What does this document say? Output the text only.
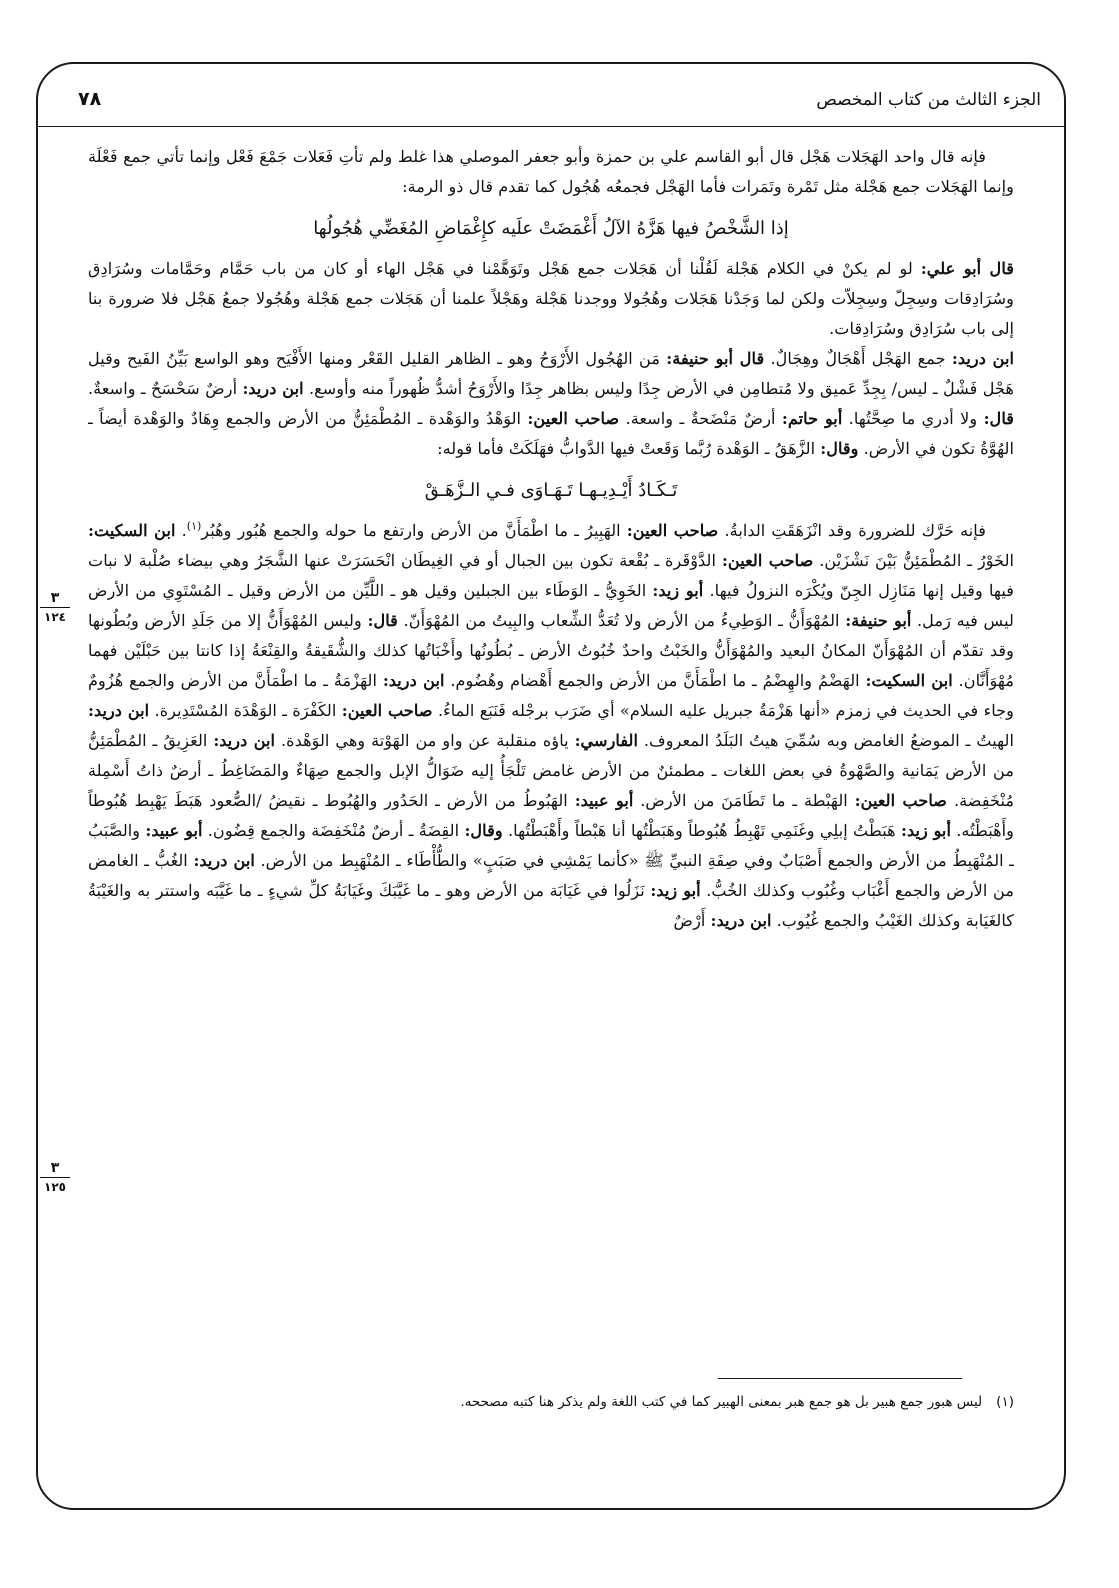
الجزء الثالث من كتاب المخصص
٧٨
٣
١٢٤
٣
١٢٥

فإنه قال واحد الهَجَلات هَجْل قال أبو القاسم علي بن حمزة وأبو جعفر الموصلي هذا غلط ولم تأتِ فَعَلات جَمْعَ فَعْل وإنما تأتي جمع فَعْلَة وإنما الهَجَلات جمع هَجْلة مثل تَمْرة وتَمَرات فأما الهَجْل فجمعُه هُجُول كما تقدم قال ذو الرمة:

إذا الشَّخْصُ فيها هَزَّهُ الآلُ أَغْمَضَتْ علَيه كإِغْمَاضِ المُغَضِّي هُجُولُها

قال أبو علي: لو لم يكنْ في الكلام هَجْلة لَقُلْنا أن هَجَلات جمع هَجْل وتَوَهَّمْنا في هَجْل الهاء أو كان من باب حَمَّام وحَمَّامات وسُرَادِق وسُرَادِقات وسِجِلّ وسِجِلاّت ولكن لما وَجَدْنا هَجَلات وهُجُولا ووجدنا هَجْلة وهَجْلاً علمنا أن هَجَلات جمع هَجْلة وهُجُولا جمعُ هَجْل فلا ضرورة بنا إلى باب سُرَادِق وسُرَادِقات.

ابن دريد: جمع الهَجْل أَهْجَالٌ وهِجَالٌ. قال أبو حنيفة: مَن الهُجُول الأَرْوَحُ وهو ـ الظاهر القليل القَعْر ومنها الأَفْيَح وهو الواسع بَيِّنُ الفَيح وقيل هَجْل فَشْلٌ ـ ليس/ بِجِدِّ عَميق ولا مُتطامِن في الأرض جِدًا وليس بظاهر جِدًا والأَرْوَحُ أشدُّ ظُهوراً منه وأوسع. ابن دريد: أرضٌ سَحْسَحٌ ـ واسعةٌ. قال: ولا أدري ما صِحَّتُها. أبو حاتم: أرضٌ مَنْضَحةٌ ـ واسعة. صاحب العين: الوَهْدُ والوَهْدة ـ المُطْمَئِنُّ من الأرض والجمع وِهَادٌ والوَهْدة أيضاً ـ الهُوَّةُ تكون في الأرض. وقال: الزَّهَقُ ـ الوَهْدة رُبَّما وَقَعتْ فيها الدَّوابُّ فهَلَكَتْ فأما قوله:

تَـكَـادُ أَيْـدِيـهـا تَـهَـاوَى فـي الـزَّهَـقْ

فإنه حَرَّك للضرورة وقد انْزَهَقَتِ الدابةُ. صاحب العين: الهَبِيرُ ـ ما اطْمَأَنَّ من الأرض وارتفع ما حوله والجمع هُبُور وهُبُر$^{(١)}$. ابن السكيت: الخَوْرُ ـ المُطْمَئِنُّ بَيْنَ نَشْزَيْن. صاحب العين: الدَّوْقَرة ـ بُقْعة تكون بين الجبال أو في الغِيطَان انْحَسَرَتْ عنها الشَّجَرُ وهي بيضاء صُلْبة لا نبات فيها وقيل إنها مَنَازِل الجِنّ ويُكْرَه النزولُ فيها. أبو زيد: الخَوِيُّ ـ الوَطَاء بين الجبلين وقيل هو ـ اللَّيِّن من الأرض وقيل ـ المُسْتَوِي من الأرض ليس فيه رَمل. أبو حنيفة: المُهْوَأَنُّ ـ الوَطِيءُ من الأرض ولا تُعَدُّ الشِّعاب والبِيتُ من المُهْوَأَنّ. قال: وليس المُهْوَأَنُّ إلا من جَلَدِ الأرض وبُطُونها وقد تقدّم أن المُهْوَأَنّ المكانُ البعيد والمُهْوَأَنُّ والخَبْتُ واحدٌ خُبُوتُ الأرض ـ بُطُونُها وأَخْبَاتُها كذلك والشُّقَيقةُ والقِنْعَةُ إذا كانتا بين حَبْلَيْن فهما مُهْوَأَنَّان. ابن السكيت: الهَضْمُ والهِضْمُ ـ ما اطْمَأَنَّ من الأرض والجمع أَهْضام وهُضُوم. ابن دريد: الهَزْمَةُ ـ ما اطْمَأَنَّ من الأرض والجمع هُزُومٌ وجاء في الحديث في زمزم «أنها هَزْمَةُ جبريل عليه السلام» أي ضَرَب برجْله فَنَبَع الماءُ. صاحب العين: الكَفْرَة ـ الوَهْدَة المُسْتَدِيرة. ابن دريد: الهيتُ ـ الموضعُ الغامض وبه سُمِّيَ هيتُ البَلَدُ المعروف. الفارسي: ياؤه منقلبة عن واو من الهَوْتة وهي الوَهْدة. ابن دريد: العَزِيقُ ـ المُطْمَئِنُّ من الأرض يَمَانية والصَّهْوةُ في بعض اللغات ـ مطمئنٌ من الأرض غامض تَلْجَأُ إليه ضَوَالُّ الإبل والجمع صِهَاءٌ والمَضَاغِطُ ـ أرضٌ ذاتُ أَسْمِلة مُنْخَفِضة. صاحب العين: الهَبْطة ـ ما تَطَامَنَ من الأرض. أبو عبيد: الهَبُوطُ من الأرض ـ الحَدُور والهُبُوط ـ نقيضُ /الصُّعود هَبَطَ يَهْبِط هُبُوطاً وأَهْبَطْتُه. أبو زيد: هَبَطْتُ إبلِي وغَنَمِي تَهْبِطُ هُبُوطاً وهَبَطْتُها أنا هَبْطاً وأَهْبَطْتُها. وقال: القِضَةُ ـ أرضٌ مُنْخَفِضَة والجمع قِضُون. أبو عبيد: والصَّبَبُ ـ المُنْهَبِطُ من الأرض والجمع أَصْبَابٌ وفي صِفَةِ النبيِّ ﷺ «كأنما يَمْشِي في صَبَبٍ» والطُّأْطَاء ـ المُنْهَبِط من الأرض. ابن دريد: الغُبُّ ـ الغامض من الأرض والجمع أَغْبَاب وغُبُوب وكذلك الخُبُّ. أبو زيد: نَزَلُوا في غَيَابَة من الأرض وهو ـ ما غَيَّبَكَ وغَيَابَةُ كلِّ شيءٍ ـ ما غَيَّبَه واستتر به والغَيْبَةُ كالغَيَابة وكذلك الغَيْبُ والجمع غُيُوب. ابن دريد: أَرْضٌ

(١)ليس هبور جمع هبير بل هو جمع هبر بمعنى الهبير كما في كتب اللغة ولم يذكر هنا كتبه مصححه.
